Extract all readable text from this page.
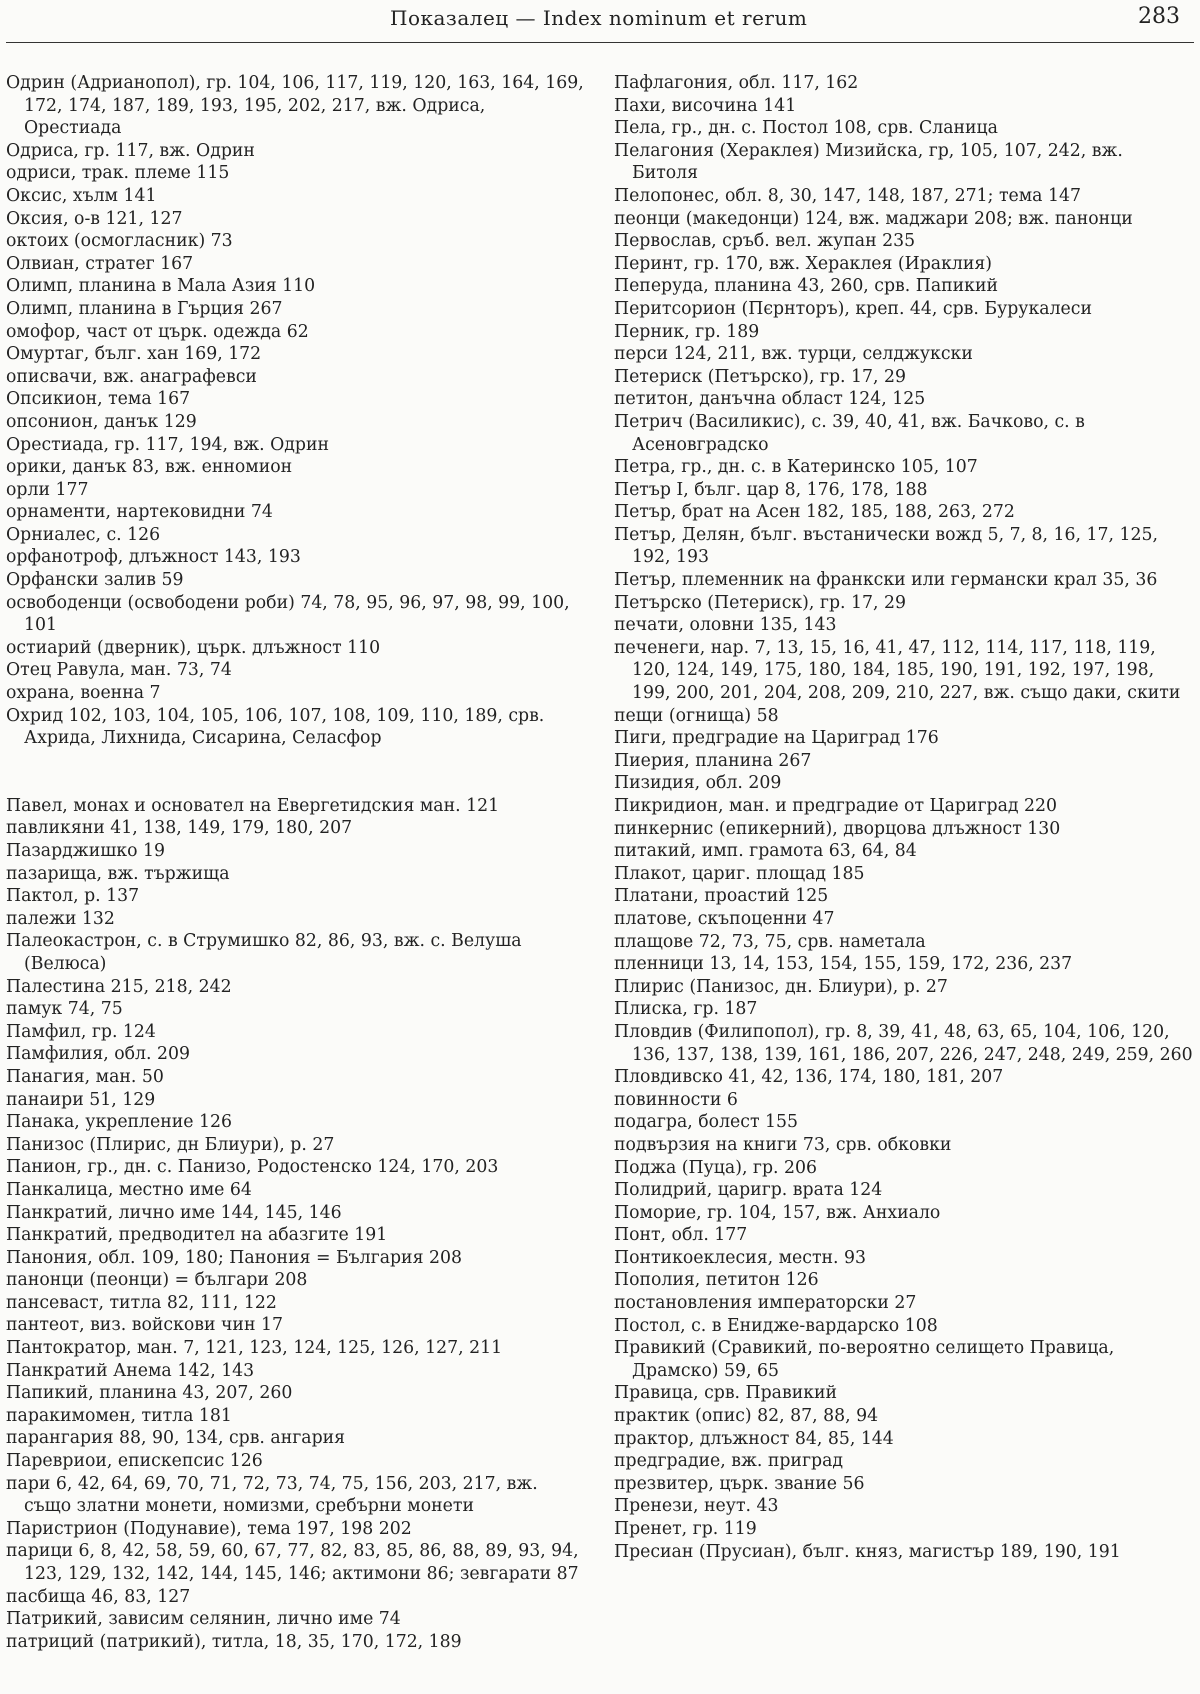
Показалец — Index nominum et rerum	283

Одрин (Адрианопол), гр. 104, 106, 117, 119, 120, 163, 164, 169, 172, 174, 187, 189, 193, 195, 202, 217, вж. Одриса, Орестиада

Одриса, гр. 117, вж. Одрин

одриси, трак. племе 115

Оксис, хълм 141

Оксия, о-в 121, 127

октоих (осмогласник) 73

Олвиан, стратег 167

Олимп, планина в Мала Азия 110

Олимп, планина в Гърция 267

омофор, част от църк. одежда 62

Омуртаг, бълг. хан 169, 172

описвачи, вж. анаграфевси

Опсикион, тема 167

опсонион, данък 129

Орестиада, гр. 117, 194, вж. Одрин

орики, данък 83, вж. енномион

орли 177

орнаменти, нартековидни 74

Орниалес, с. 126

орфанотроф, длъжност 143, 193

Орфански залив 59

освободенци (освободени роби) 74, 78, 95, 96, 97, 98, 99, 100, 101

остиарий (дверник), църк. длъжност 110

Отец Равула, ман. 73, 74

охрана, военна 7

Охрид 102, 103, 104, 105, 106, 107, 108, 109, 110, 189, срв. Ахрида, Лихнида, Сисарина, Селасфор

Павел, монах и основател на Евергетидския ман. 121

павликяни 41, 138, 149, 179, 180, 207

Пазарджишко 19

пазарища, вж. тържища

Пактол, р. 137

палежи 132

Палеокастрон, с. в Струмишко 82, 86, 93, вж. с. Велуша (Велюса)

Палестина 215, 218, 242

памук 74, 75

Памфил, гр. 124

Памфилия, обл. 209

Панагия, ман. 50

панаири 51, 129

Панака, укрепление 126

Панизос (Плирис, дн Блиури), р. 27

Панион, гр., дн. с. Панизо, Родостенско 124, 170, 203

Панкалица, местно име 64

Панкратий, лично име 144, 145, 146

Панкратий, предводител на абазгите 191

Панония, обл. 109, 180; Панония = България 208

панонци (пеонци) = българи 208

пансеваст, титла 82, 111, 122

пантеот, виз. войскови чин 17

Пантократор, ман. 7, 121, 123, 124, 125, 126, 127, 211

Панкратий Анема 142, 143

Папикий, планина 43, 207, 260

паракимомен, титла 181

парангария 88, 90, 134, срв. ангария

Паревриои, епискепсис 126

пари 6, 42, 64, 69, 70, 71, 72, 73, 74, 75, 156, 203, 217, вж. също златни монети, номизми, сребърни монети

Паристрион (Подунавие), тема 197, 198 202

парици 6, 8, 42, 58, 59, 60, 67, 77, 82, 83, 85, 86, 88, 89, 93, 94, 123, 129, 132, 142, 144, 145, 146; актимони 86; зевгарати 87

пасбища 46, 83, 127

Патрикий, зависим селянин, лично име 74

патриций (патрикий), титла, 18, 35, 170, 172, 189

Пафлагония, обл. 117, 162

Пахи, височина 141

Пела, гр., дн. с. Постол 108, срв. Сланица

Пелагония (Хераклея) Мизийска, гр, 105, 107, 242, вж. Битоля

Пелопонес, обл. 8, 30, 147, 148, 187, 271; тема 147

пеонци (македонци) 124, вж. маджари 208; вж. панонци

Первослав, сръб. вел. жупан 235

Перинт, гр. 170, вж. Хераклея (Ираклия)

Пеперуда, планина 43, 260, срв. Папикий

Перитсорион (Пєрнторъ), креп. 44, срв. Бурукалеси

Перник, гр. 189

перси 124, 211, вж. турци, селджукски

Петериск (Петърско), гр. 17, 29

петитон, данъчна област 124, 125

Петрич (Василикис), с. 39, 40, 41, вж. Бачково, с. в Асеновградско

Петра, гр., дн. с. в Катеринско 105, 107

Петър I, бълг. цар 8, 176, 178, 188

Петър, брат на Асен 182, 185, 188, 263, 272

Петър, Делян, бълг. въстанически вожд 5, 7, 8, 16, 17, 125, 192, 193

Петър, племенник на франкски или германски крал 35, 36

Петърско (Петериск), гр. 17, 29

печати, оловни 135, 143

печенеги, нар. 7, 13, 15, 16, 41, 47, 112, 114, 117, 118, 119, 120, 124, 149, 175, 180, 184, 185, 190, 191, 192, 197, 198, 199, 200, 201, 204, 208, 209, 210, 227, вж. също даки, скити

пещи (огнища) 58

Пиги, предградие на Цариград 176

Пиерия, планина 267

Пизидия, обл. 209

Пикридион, ман. и предградие от Цариград 220

пинкернис (епикерний), дворцова длъжност 130

питакий, имп. грамота 63, 64, 84

Плакот, цариг. площад 185

Платани, проастий 125

платове, скъпоценни 47

плащове 72, 73, 75, срв. наметала

пленници 13, 14, 153, 154, 155, 159, 172, 236, 237

Плирис (Панизос, дн. Блиури), р. 27

Плиска, гр. 187

Пловдив (Филипопол), гр. 8, 39, 41, 48, 63, 65, 104, 106, 120, 136, 137, 138, 139, 161, 186, 207, 226, 247, 248, 249, 259, 260

Пловдивско 41, 42, 136, 174, 180, 181, 207

повинности 6

подагра, болест 155

подвързия на книги 73, срв. обковки

Поджа (Пуца), гр. 206

Полидрий, царигр. врата 124

Поморие, гр. 104, 157, вж. Анхиало

Понт, обл. 177

Понтикоеклесия, местн. 93

Пополия, петитон 126

постановления императорски 27

Постол, с. в Енидже-вардарско 108

Правикий (Сравикий, по-вероятно селището Правица, Драмско) 59, 65

Правица, срв. Правикий

практик (опис) 82, 87, 88, 94

практор, длъжност 84, 85, 144

предградие, вж. приград

презвитер, църк. звание 56

Пренези, неут. 43

Пренет, гр. 119

Пресиан (Прусиан), бълг. княз, магистър 189, 190, 191
